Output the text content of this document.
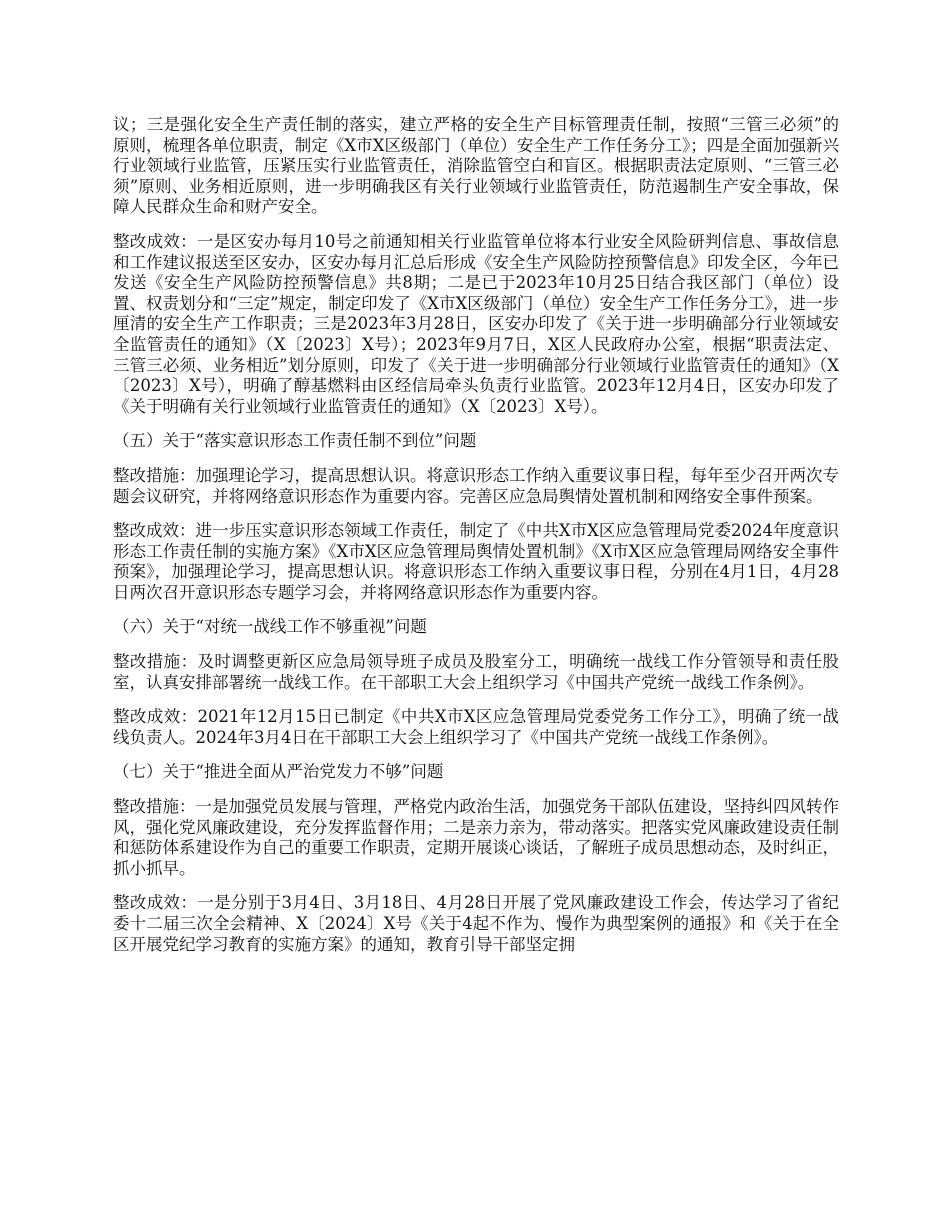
议；三是强化安全生产责任制的落实，建立严格的安全生产目标管理责任制，按照“三管三必须”的原则，梳理各单位职责，制定《X市X区级部门（单位）安全生产工作任务分工》；四是全面加强新兴行业领域行业监管，压紧压实行业监管责任，消除监管空白和盲区。根据职责法定原则、“三管三必须”原则、业务相近原则，进一步明确我区有关行业领域行业监管责任，防范遏制生产安全事故，保障人民群众生命和财产安全。

整改成效：一是区安办每月10号之前通知相关行业监管单位将本行业安全风险研判信息、事故信息和工作建议报送至区安办，区安办每月汇总后形成《安全生产风险防控预警信息》印发全区，今年已发送《安全生产风险防控预警信息》共8期；二是已于2023年10月25日结合我区部门（单位）设置、权责划分和“三定”规定，制定印发了《X市X区级部门（单位）安全生产工作任务分工》，进一步厘清的安全生产工作职责；三是2023年3月28日，区安办印发了《关于进一步明确部分行业领域安全监管责任的通知》（X〔2023〕X号）；2023年9月7日，X区人民政府办公室，根据“职责法定、三管三必须、业务相近”划分原则，印发了《关于进一步明确部分行业领域行业监管责任的通知》（X〔2023〕X号），明确了醇基燃料由区经信局牵头负责行业监管。2023年12月4日，区安办印发了《关于明确有关行业领域行业监管责任的通知》（X〔2023〕X号）。

（五）关于“落实意识形态工作责任制不到位”问题

整改措施：加强理论学习，提高思想认识。将意识形态工作纳入重要议事日程，每年至少召开两次专题会议研究，并将网络意识形态作为重要内容。完善区应急局舆情处置机制和网络安全事件预案。

整改成效：进一步压实意识形态领域工作责任，制定了《中共X市X区应急管理局党委2024年度意识形态工作责任制的实施方案》《X市X区应急管理局舆情处置机制》《X市X区应急管理局网络安全事件预案》，加强理论学习，提高思想认识。将意识形态工作纳入重要议事日程，分别在4月1日，4月28日两次召开意识形态专题学习会，并将网络意识形态作为重要内容。

（六）关于“对统一战线工作不够重视”问题

整改措施：及时调整更新区应急局领导班子成员及股室分工，明确统一战线工作分管领导和责任股室，认真安排部署统一战线工作。在干部职工大会上组织学习《中国共产党统一战线工作条例》。

整改成效：2021年12月15日已制定《中共X市X区应急管理局党委党务工作分工》，明确了统一战线负责人。2024年3月4日在干部职工大会上组织学习了《中国共产党统一战线工作条例》。

（七）关于“推进全面从严治党发力不够”问题

整改措施：一是加强党员发展与管理，严格党内政治生活，加强党务干部队伍建设，坚持纠四风转作风，强化党风廉政建设，充分发挥监督作用；二是亲力亲为，带动落实。把落实党风廉政建设责任制和惩防体系建设作为自己的重要工作职责，定期开展谈心谈话，了解班子成员思想动态，及时纠正，抓小抓早。

整改成效：一是分别于3月4日、3月18日、4月28日开展了党风廉政建设工作会，传达学习了省纪委十二届三次全会精神、X〔2024〕X号《关于4起不作为、慢作为典型案例的通报》和《关于在全区开展党纪学习教育的实施方案》的通知，教育引导干部坚定拥
